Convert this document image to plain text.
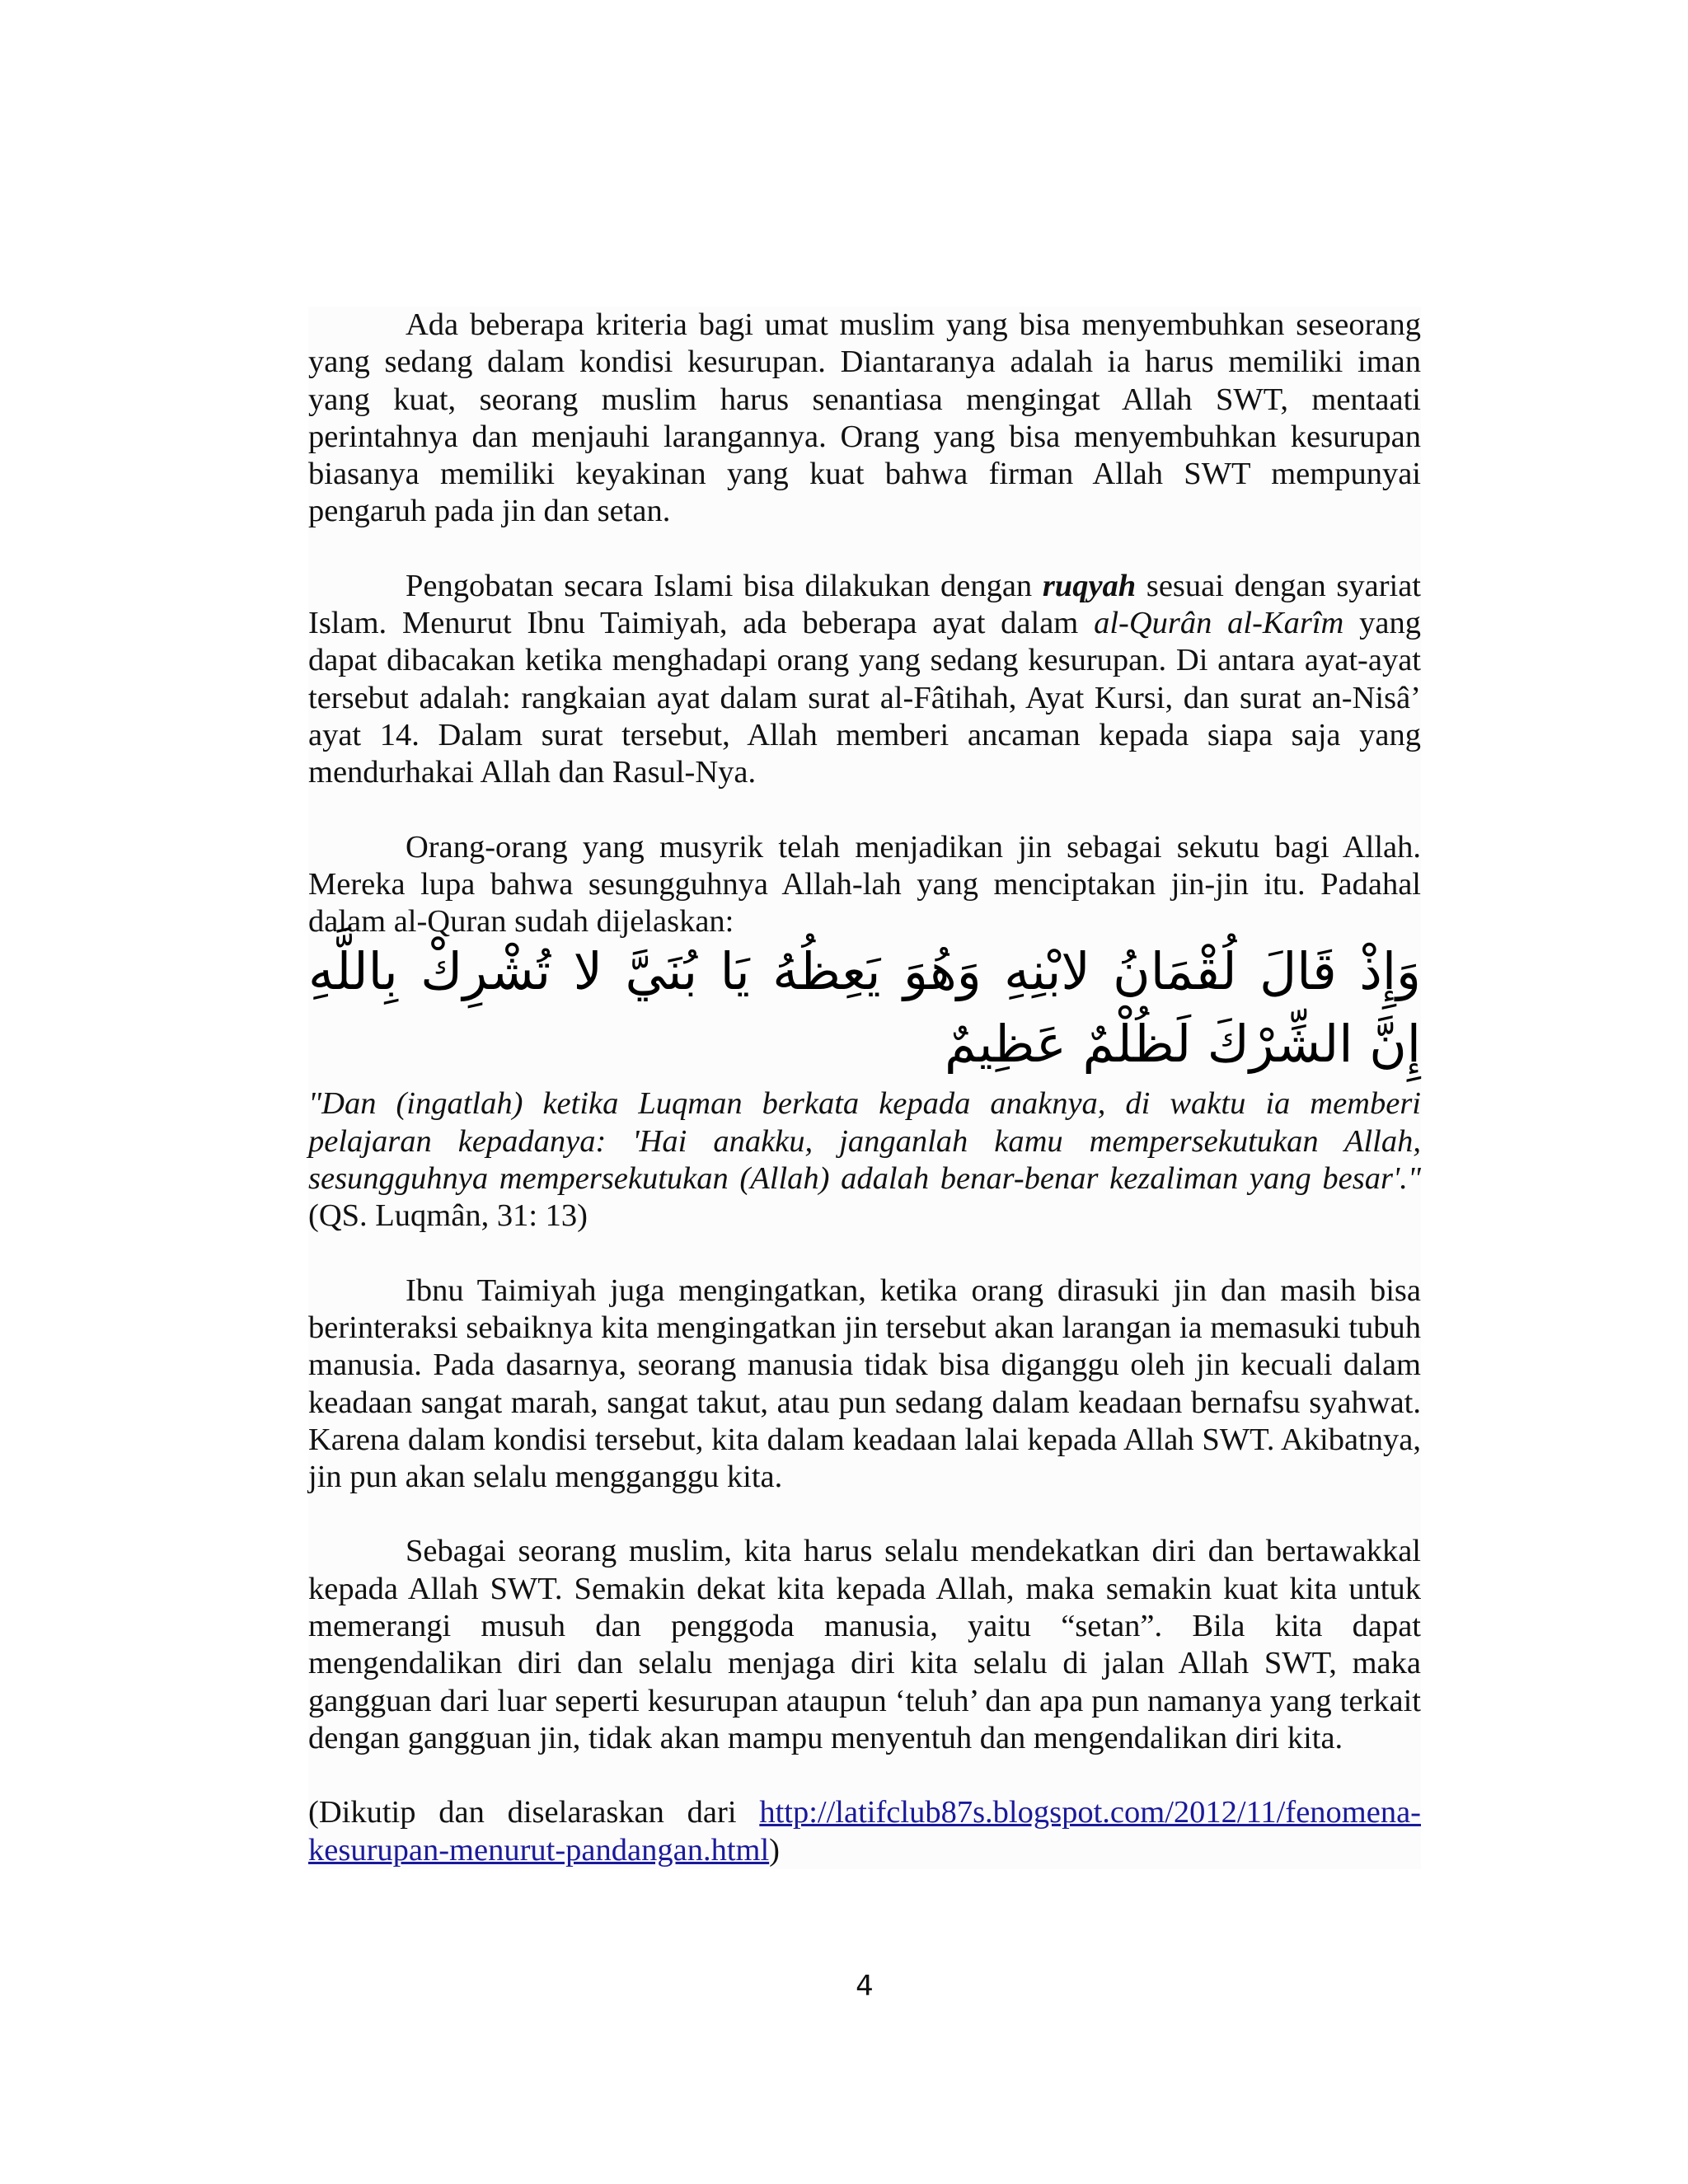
Ada beberapa kriteria bagi umat muslim yang bisa menyembuhkan seseorang yang sedang dalam kondisi kesurupan. Diantaranya adalah ia harus memiliki iman yang kuat, seorang muslim harus senantiasa mengingat Allah SWT, mentaati perintahnya dan menjauhi larangannya. Orang yang bisa menyembuhkan kesurupan biasanya memiliki keyakinan yang kuat bahwa firman Allah SWT mempunyai pengaruh pada jin dan setan.

Pengobatan secara Islami bisa dilakukan dengan ruqyah sesuai dengan syariat Islam. Menurut Ibnu Taimiyah, ada beberapa ayat dalam al-Qurân al-Karîm yang dapat dibacakan ketika menghadapi orang yang sedang kesurupan. Di antara ayat-ayat tersebut adalah: rangkaian ayat dalam surat al-Fâtihah, Ayat Kursi, dan surat an-Nisâ’ ayat 14. Dalam surat tersebut, Allah memberi ancaman kepada siapa saja yang mendurhakai Allah dan Rasul-Nya.

Orang-orang yang musyrik telah menjadikan jin sebagai sekutu bagi Allah. Mereka lupa bahwa sesungguhnya Allah-lah yang menciptakan jin-jin itu. Padahal dalam al-Quran sudah dijelaskan:

وَإِذْ قَالَ لُقْمَانُ لابْنِهِ وَهُوَ يَعِظُهُ يَا بُنَيَّ لا تُشْرِكْ بِاللَّهِ إِنَّ الشِّرْكَ لَظُلْمٌ عَظِيمٌ

"Dan (ingatlah) ketika Luqman berkata kepada anaknya, di waktu ia memberi pelajaran kepadanya: 'Hai anakku, janganlah kamu mempersekutukan Allah, sesungguhnya mempersekutukan (Allah) adalah benar-benar kezaliman yang besar'." (QS. Luqmân, 31: 13)

Ibnu Taimiyah juga mengingatkan, ketika orang dirasuki jin dan masih bisa berinteraksi sebaiknya kita mengingatkan jin tersebut akan larangan ia memasuki tubuh manusia. Pada dasarnya, seorang manusia tidak bisa diganggu oleh jin kecuali dalam keadaan sangat marah, sangat takut, atau pun sedang dalam keadaan bernafsu syahwat. Karena dalam kondisi tersebut, kita dalam keadaan lalai kepada Allah SWT. Akibatnya, jin pun akan selalu mengganggu kita.

Sebagai seorang muslim, kita harus selalu mendekatkan diri dan bertawakkal kepada Allah SWT. Semakin dekat kita kepada Allah, maka semakin kuat kita untuk memerangi musuh dan penggoda manusia, yaitu “setan”. Bila kita dapat mengendalikan diri dan selalu menjaga diri kita selalu di jalan Allah SWT, maka gangguan dari luar seperti kesurupan ataupun ‘teluh’ dan apa pun namanya yang terkait dengan gangguan jin, tidak akan mampu menyentuh dan mengendalikan diri kita.

(Dikutip dan diselaraskan dari http://latifclub87s.blogspot.com/2012/11/fenomena-kesurupan-menurut-pandangan.html)

4
